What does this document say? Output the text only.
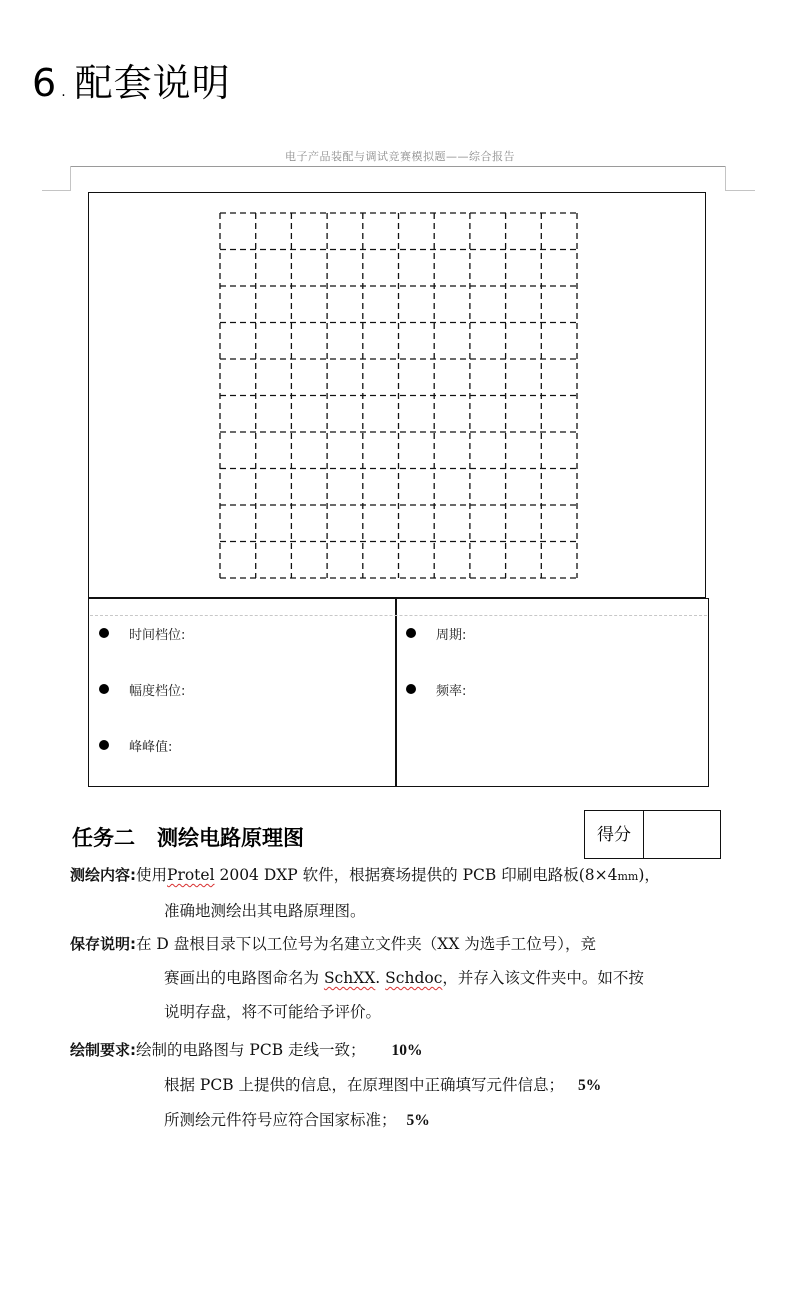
6 . 配套说明
电子产品装配与调试竞赛模拟题——综合报告
时间档位:
幅度档位:
峰峰值:
周期:
频率:
任务二 测绘电路原理图	得分
测绘内容:使用Protel 2004 DXP 软件，根据赛场提供的 PCB 印刷电路板(8×4mm)，
准确地测绘出其电路原理图。
保存说明:在 D 盘根目录下以工位号为名建立文件夹（XX 为选手工位号），竞
赛画出的电路图命名为 SchXX. Schdoc，并存入该文件夹中。如不按
说明存盘，将不可能给予评价。
绘制要求:绘制的电路图与 PCB 走线一致； 10%
根据 PCB 上提供的信息，在原理图中正确填写元件信息； 5%
所测绘元件符号应符合国家标准； 5%
